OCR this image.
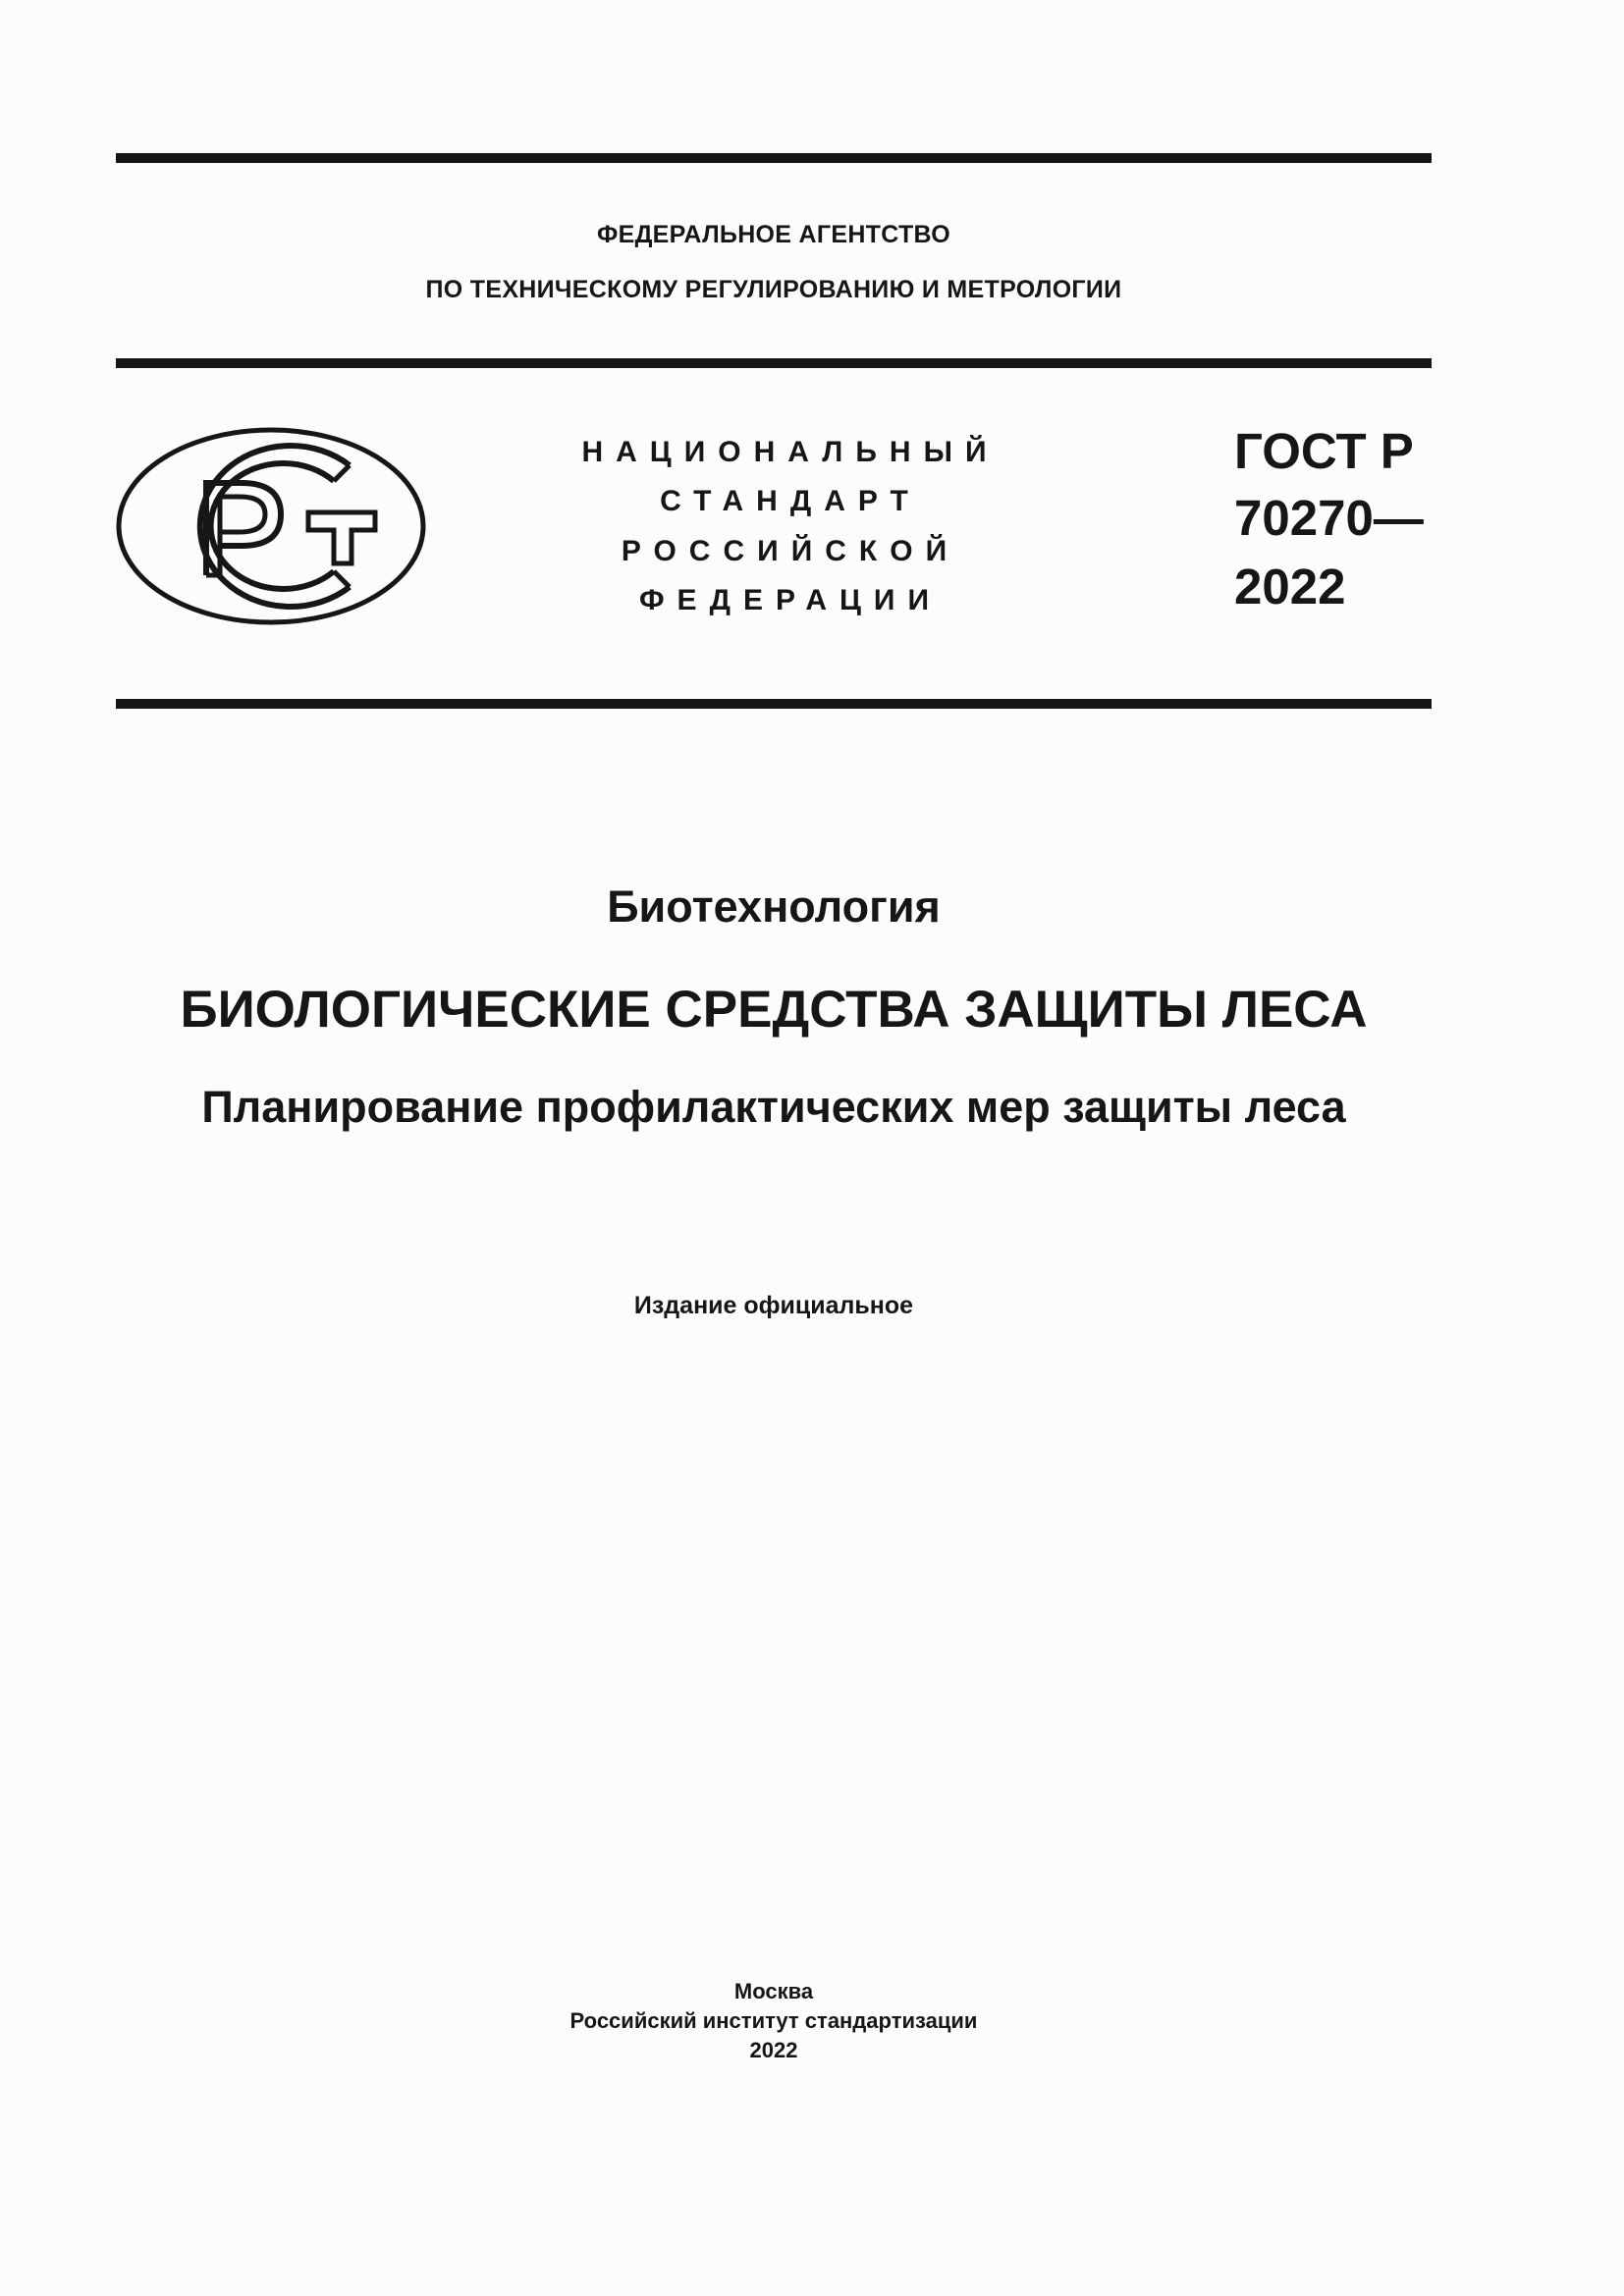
ФЕДЕРАЛЬНОЕ АГЕНТСТВО
ПО ТЕХНИЧЕСКОМУ РЕГУЛИРОВАНИЮ И МЕТРОЛОГИИ
НАЦИОНАЛЬНЫЙ
СТАНДАРТ
РОССИЙСКОЙ
ФЕДЕРАЦИИ
ГОСТ Р
70270—
2022
Биотехнология
БИОЛОГИЧЕСКИЕ СРЕДСТВА ЗАЩИТЫ ЛЕСА
Планирование профилактических мер защиты леса
Издание официальное
Москва
Российский институт стандартизации
2022
